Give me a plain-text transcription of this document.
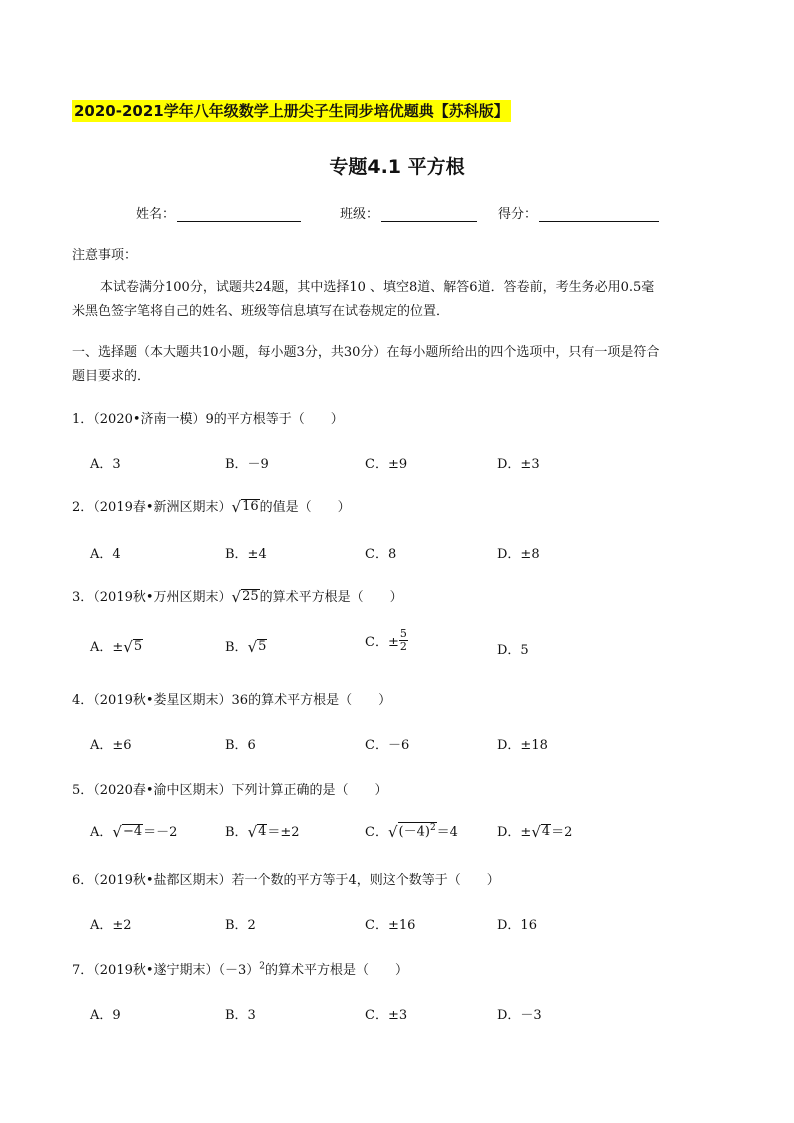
2020-2021学年八年级数学上册尖子生同步培优题典【苏科版】
专题4.1 平方根
姓名：	班级：	得分：
注意事项：
本试卷满分100分，试题共24题，其中选择10 、填空8道、解答6道．答卷前，考生务必用0.5毫
米黑色签字笔将自己的姓名、班级等信息填写在试卷规定的位置．
一、选择题（本大题共10小题，每小题3分，共30分）在每小题所给出的四个选项中，只有一项是符合
题目要求的．
1．（2020•济南一模）9的平方根等于（　　）
A．3	B．－9	C．±9	D．±3
2．（2019春•新洲区期末） √ 16 的值是（　　）
A．4	B．±4	C．8	D．±8
3．（2019秋•万州区期末） √ 25 的算术平方根是（　　）
A．± √ 5	B． √ 5	C．± $\frac{5}{2}$	D．5
4．（2019秋•娄星区期末）36的算术平方根是（　　）
A．±6	B．6	C．－6	D．±18
5．（2020春•渝中区期末）下列计算正确的是（　　）
A． √ −4 ＝－2	B． √ 4 ＝±2	C． √ $(-4)^2 =4$	D．± √ 4 ＝2
6．（2019秋•盐都区期末）若一个数的平方等于4，则这个数等于（　　）
A．±2	B．2	C．±16	D．16
7．（2019秋•遂宁期末）$(-3)^2$的算术平方根是（　　）
A．9	B．3	C．±3	D．－3
